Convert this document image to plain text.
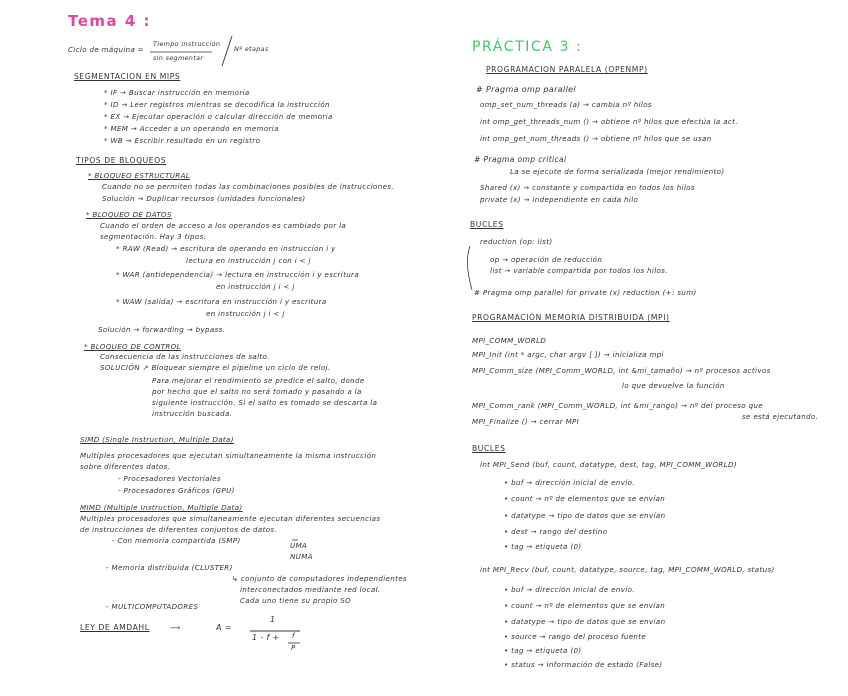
Tema 4 :
Ciclo de máquina =
Tiempo instrucción
sin segmentar
Nº etapas
SEGMENTACION EN MIPS
* IF → Buscar instrucción en memoria
* ID → Leer registros mientras se decodifica la instrucción
* EX → Ejecutar operación o calcular dirección de memoria
* MEM → Acceder a un operando en memoria
* WB → Escribir resultado en un registro
TIPOS DE BLOQUEOS
* BLOQUEO ESTRUCTURAL
Cuando no se permiten todas las combinaciones posibles de instrucciones.
Solución → Duplicar recursos (unidades funcionales)
* BLOQUEO DE DATOS
Cuando el orden de acceso a los operandos es cambiado por la
segmentación. Hay 3 tipos:
* RAW (Read) → escritura de operando en instruccion i y
lectura en instrucción j con i < j
* WAR (antidependencia) → lectura en instrucción i y escritura
en instrucción j i < j
* WAW (salida) → escritura en instrucción i y escritura
en instrucción j i < j
Solución → forwarding → bypass.
* BLOQUEO DE CONTROL
Consecuencia de las instrucciones de salto.
SOLUCIÓN ↗ Bloquear siempre el pipeline un ciclo de reloj.
Para mejorar el rendimiento se predice el salto, donde
por hecho que el salto no será tomado y pasando a la
siguiente instrucción. Si el salto es tomado se descarta la
instrucción buscada.
SIMD (Single Instruction, Multiple Data)
Multiples procesadores que ejecutan simultaneamente la misma instrucción
sobre diferentes datos.
- Procesadores Vectoriales
- Procesadores Gráficos (GPU)
MIMD (Multiple Instruction, Multiple Data)
Multiples procesadores que simultaneamente ejecutan diferentes secuencias
de instrucciones de diferentes conjuntos de datos.
- Con memoria compartida (SMP)
UMA
NUMA
- Memoria distribuida (CLUSTER)
↳ conjunto de computadores independientes
interconectados mediante red local.
Cada uno tiene su propio SO
- MULTICOMPUTADORES
LEY DE AMDAHL	⟶	A =
1
1 - f + f
P
PRÁCTICA 3 :
PROGRAMACION PARALELA (OPENMP)
# Pragma omp parallel
omp_set_num_threads (a) → cambia nº hilos
int omp_get_threads_num () → obtiene nº hilos que efectúa la act.
int omp_get_num_threads () → obtiene nº hilos que se usan
# Pragma omp critical
La se ejecute de forma serializada (mejor rendimiento)
Shared (x) → constante y compartida en todos los hilos
private (x) → independiente en cada hilo
BUCLES
reduction (op: list)
op → operación de reducción
list → variable compartida por todos los hilos.
# Pragma omp parallel for private (x) reduction (+: sum)
PROGRAMACIÓN MEMORIA DISTRIBUIDA (MPI)
MPI_COMM_WORLD
MPI_Init (int * argc, char argv [ ]) → inicializa mpi
MPI_Comm_size (MPI_Comm_WORLD, int &mi_tamaño) → nº procesos activos
lo que devuelve la función
MPI_Comm_rank (MPI_Comm_WORLD, int &mi_rango) → nº del proceso que
se está ejecutando.
MPI_Finalize () → cerrar MPI
BUCLES
int MPI_Send (buf, count, datatype, dest, tag, MPI_COMM_WORLD)
• buf → dirección inicial de envío.
• count → nº de elementos que se envían
• datatype → tipo de datos que se envían
• dest → rango del destino
• tag → etiqueta (0)
int MPI_Recv (buf, count, datatype, source, tag, MPI_COMM_WORLD, status)
• buf → dirección inicial de envío.
• count → nº de elementos que se envían
• datatype → tipo de datos que se envían
• source → rango del proceso fuente
• tag → etiqueta (0)
• status → información de estado (False)
